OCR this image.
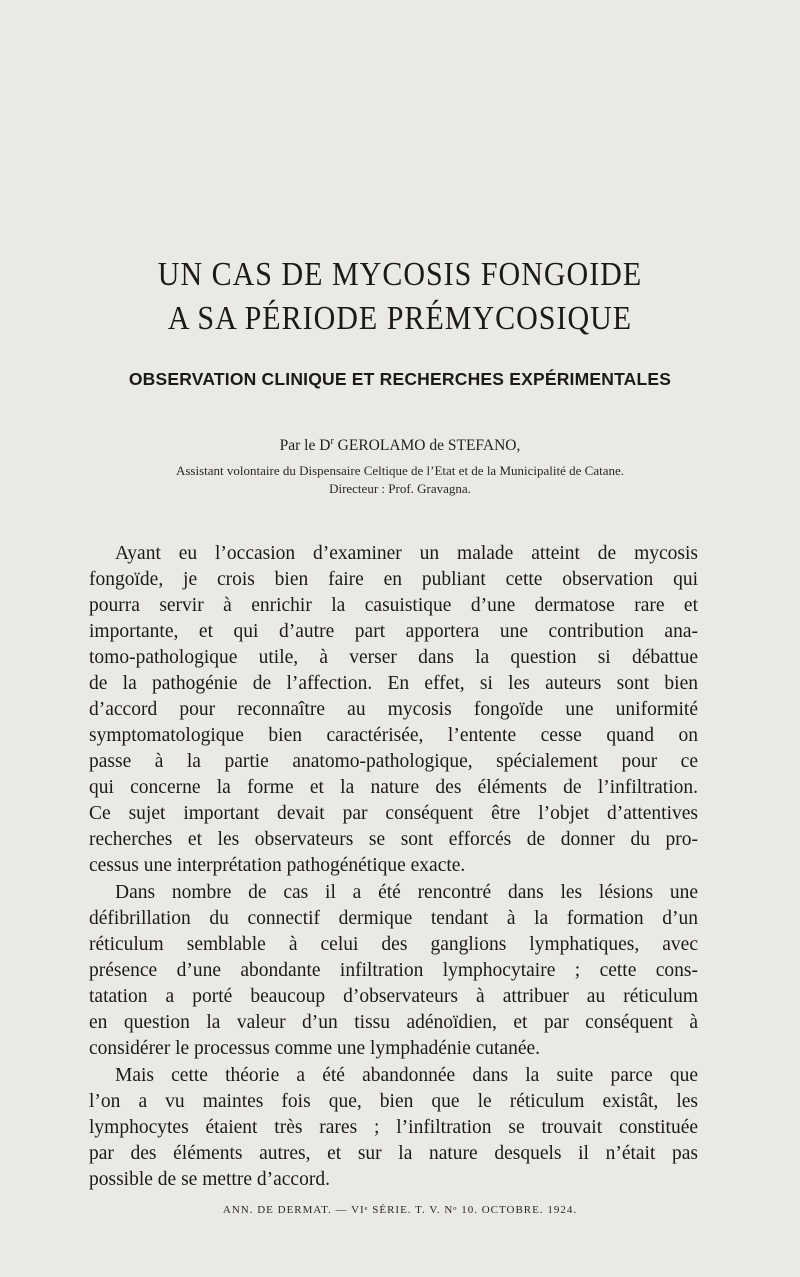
UN CAS DE MYCOSIS FONGOIDE
A SA PÉRIODE PRÉMYCOSIQUE
OBSERVATION CLINIQUE ET RECHERCHES EXPÉRIMENTALES
Par le $D^r$ GEROLAMO de STEFANO,
Assistant volontaire du Dispensaire Celtique de l’Etat et de la Municipalité de Catane.
Directeur : Prof. Gravagna.
Ayant eu l’occasion d’examiner un malade atteint de mycosis
fongoïde, je crois bien faire en publiant cette observation qui
pourra servir à enrichir la casuistique d’une dermatose rare et
importante, et qui d’autre part apportera une contribution ana-
tomo-pathologique utile, à verser dans la question si débattue
de la pathogénie de l’affection. En effet, si les auteurs sont bien
d’accord pour reconnaître au mycosis fongoïde une uniformité
symptomatologique bien caractérisée, l’entente cesse quand on
passe à la partie anatomo-pathologique, spécialement pour ce
qui concerne la forme et la nature des éléments de l’infiltration.
Ce sujet important devait par conséquent être l’objet d’attentives
recherches et les observateurs se sont efforcés de donner du pro-
cessus une interprétation pathogénétique exacte.
Dans nombre de cas il a été rencontré dans les lésions une
défibrillation du connectif dermique tendant à la formation d’un
réticulum semblable à celui des ganglions lymphatiques, avec
présence d’une abondante infiltration lymphocytaire ; cette cons-
tatation a porté beaucoup d’observateurs à attribuer au réticulum
en question la valeur d’un tissu adénoïdien, et par conséquent à
considérer le processus comme une lymphadénie cutanée.
Mais cette théorie a été abandonnée dans la suite parce que
l’on a vu maintes fois que, bien que le réticulum existât, les
lymphocytes étaient très rares ; l’infiltration se trouvait constituée
par des éléments autres, et sur la nature desquels il n’était pas
possible de se mettre d’accord.
ANN. DE DERMAT. — VIᵉ SÉRIE. T. V. Nᵒ 10. OCTOBRE. 1924.
